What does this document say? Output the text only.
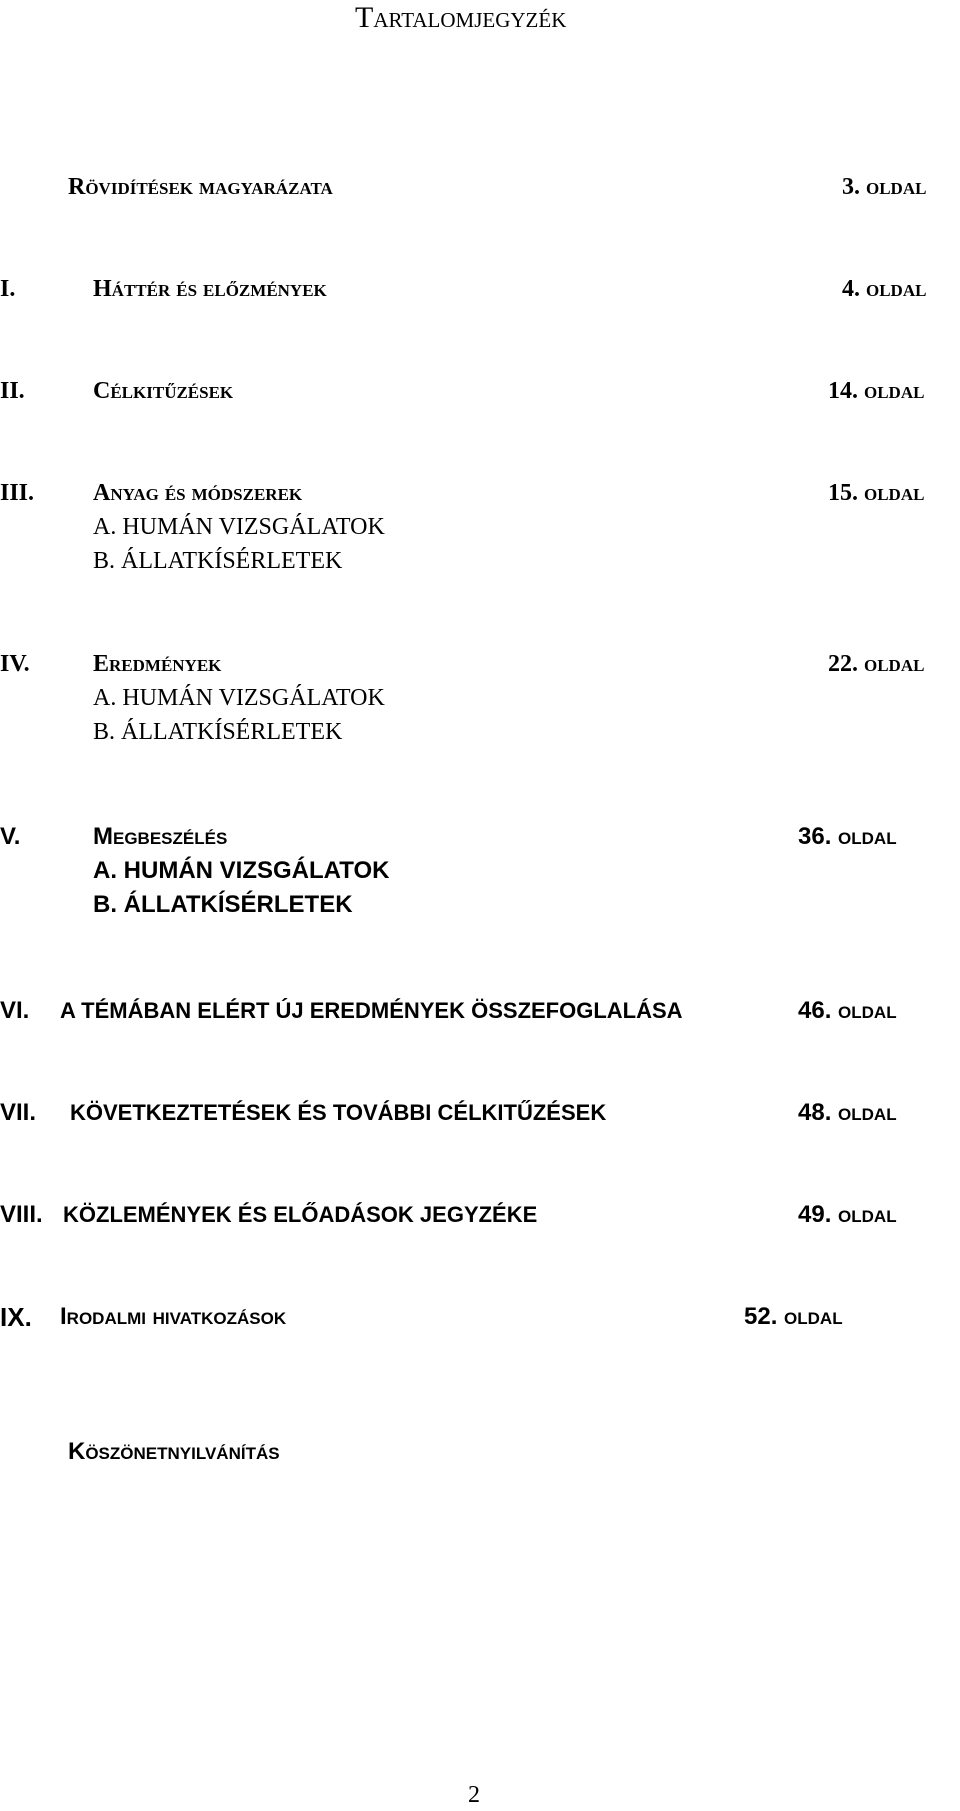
Tartalomjegyzék
Rövidítések magyarázata	3. oldal
I.	Háttér és előzmények	4. oldal
II.	Célkitűzések	14. oldal
III. Anyag és módszerek	15. oldal
A. HUMÁN VIZSGÁLATOK
B. ÁLLATKÍSÉRLETEK
IV.	Eredmények	22. oldal
A. HUMÁN VIZSGÁLATOK
B. ÁLLATKÍSÉRLETEK
V.	Megbeszélés	36. oldal
A. HUMÁN VIZSGÁLATOK
B. ÁLLATKÍSÉRLETEK
VI. A TÉMÁBAN ELÉRT ÚJ EREDMÉNYEK ÖSSZEFOGLALÁSA	46. oldal
VII. KÖVETKEZTETÉSEK ÉS TOVÁBBI CÉLKITŰZÉSEK	48. oldal
VIII. KÖZLEMÉNYEK ÉS ELŐADÁSOK JEGYZÉKE	49. oldal
IX. Irodalmi hivatkozások	52. oldal
Köszönetnyilvánítás
2
